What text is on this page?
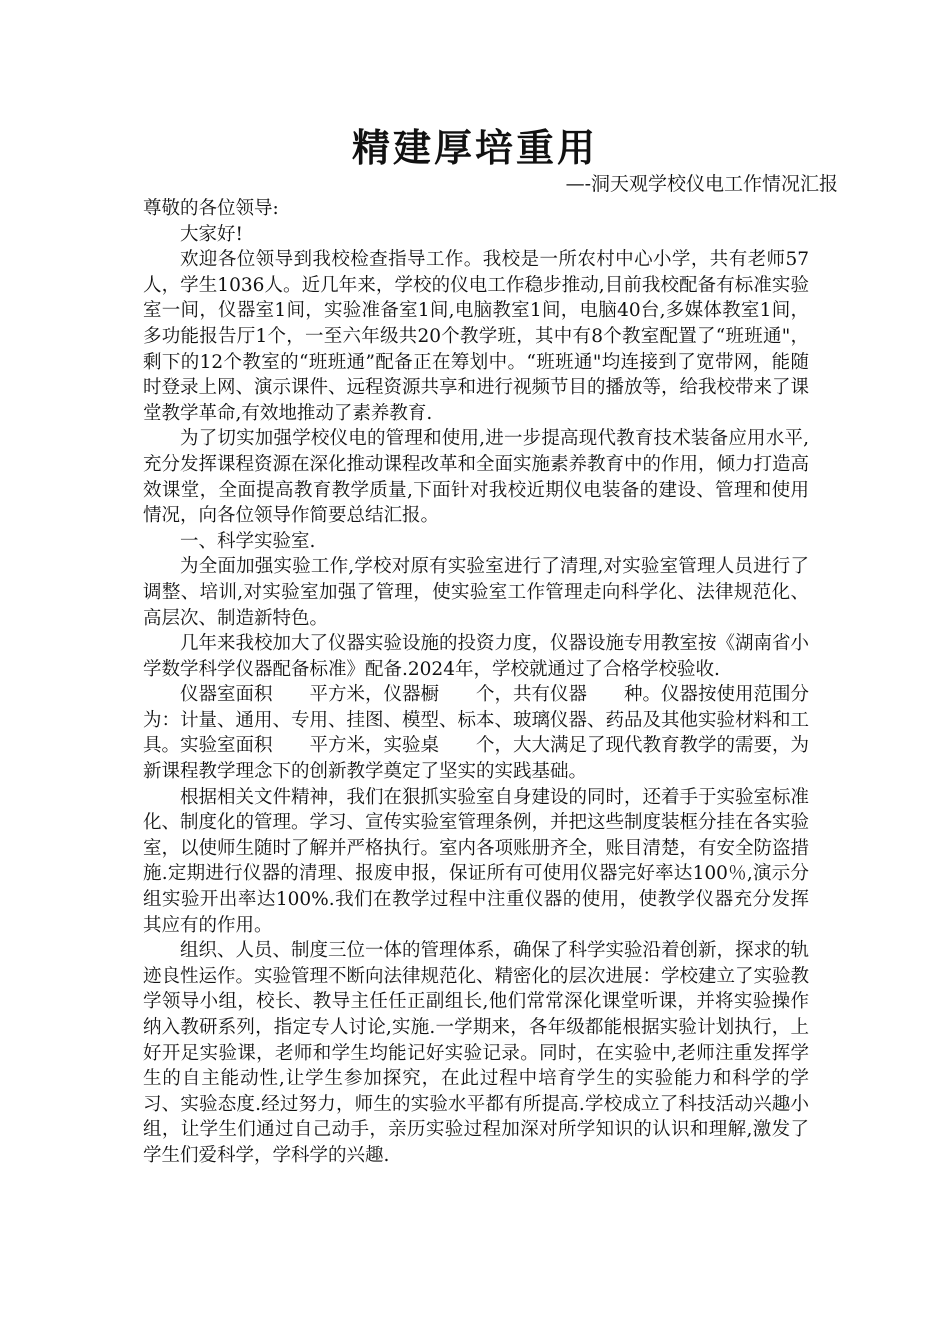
精建厚培重用
—-洞天观学校仪电工作情况汇报

尊敬的各位领导:

大家好!

欢迎各位领导到我校检查指导工作。我校是一所农村中心小学，共有老师57人，学生1036人。近几年来，学校的仪电工作稳步推动,目前我校配备有标准实验室一间，仪器室1间，实验准备室1间,电脑教室1间，电脑40台,多媒体教室1间，多功能报告厅1个，一至六年级共20个教学班，其中有8个教室配置了“班班通"，剩下的12个教室的“班班通”配备正在筹划中。“班班通"均连接到了宽带网，能随时登录上网、演示课件、远程资源共享和进行视频节目的播放等，给我校带来了课堂教学革命,有效地推动了素养教育.

为了切实加强学校仪电的管理和使用,进一步提高现代教育技术装备应用水平,充分发挥课程资源在深化推动课程改革和全面实施素养教育中的作用，倾力打造高效课堂，全面提高教育教学质量,下面针对我校近期仪电装备的建设、管理和使用情况，向各位领导作简要总结汇报。

一、科学实验室.

为全面加强实验工作,学校对原有实验室进行了清理,对实验室管理人员进行了调整、培训,对实验室加强了管理，使实验室工作管理走向科学化、法律规范化、高层次、制造新特色。

几年来我校加大了仪器实验设施的投资力度，仪器设施专用教室按《湖南省小学数学科学仪器配备标准》配备.2024年，学校就通过了合格学校验收.

仪器室面积　　平方米，仪器橱　　个，共有仪器　　种。仪器按使用范围分为：计量、通用、专用、挂图、模型、标本、玻璃仪器、药品及其他实验材料和工具。实验室面积　　平方米，实验桌　　个，大大满足了现代教育教学的需要，为新课程教学理念下的创新教学奠定了坚实的实践基础。

根据相关文件精神，我们在狠抓实验室自身建设的同时，还着手于实验室标准化、制度化的管理。学习、宣传实验室管理条例，并把这些制度装框分挂在各实验室，以使师生随时了解并严格执行。室内各项账册齐全，账目清楚，有安全防盗措施.定期进行仪器的清理、报废申报，保证所有可使用仪器完好率达100％,演示分组实验开出率达100%.我们在教学过程中注重仪器的使用，使教学仪器充分发挥其应有的作用。

组织、人员、制度三位一体的管理体系，确保了科学实验沿着创新，探求的轨迹良性运作。实验管理不断向法律规范化、精密化的层次进展：学校建立了实验教学领导小组，校长、教导主任任正副组长,他们常常深化课堂听课，并将实验操作纳入教研系列，指定专人讨论,实施.一学期来，各年级都能根据实验计划执行，上好开足实验课，老师和学生均能记好实验记录。同时，在实验中,老师注重发挥学生的自主能动性,让学生参加探究，在此过程中培育学生的实验能力和科学的学习、实验态度.经过努力，师生的实验水平都有所提高.学校成立了科技活动兴趣小组，让学生们通过自己动手，亲历实验过程加深对所学知识的认识和理解,激发了学生们爱科学，学科学的兴趣.
